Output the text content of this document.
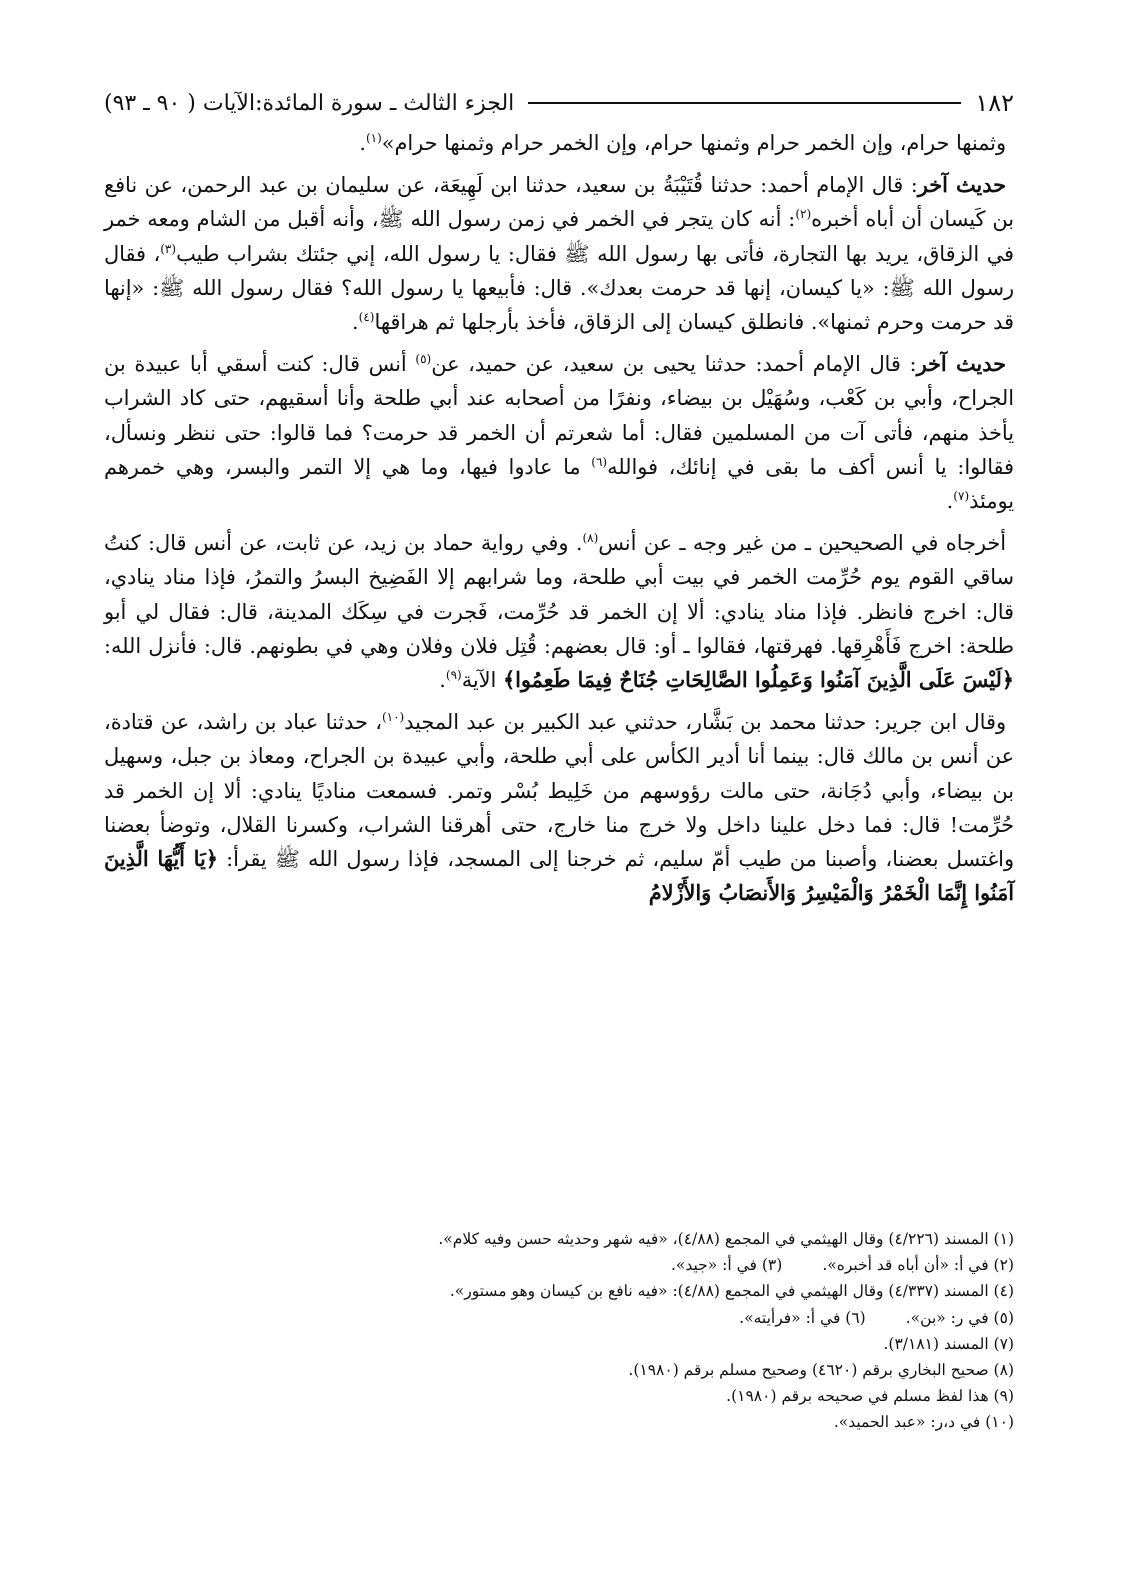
١٨٢
الجزء الثالث ـ سورة المائدة:الآيات ( ٩٠ ـ ٩٣)

وثمنها حرام، وإن الخمر حرام وثمنها حرام، وإن الخمر حرام وثمنها حرام»$^{(١)}$.

حديث آخر: قال الإمام أحمد: حدثنا قُتَيْبَةُ بن سعيد، حدثنا ابن لَهِيعَة، عن سليمان بن عبد الرحمن، عن نافع بن كَيسان أن أباه أخبره$^{(٢)}$: أنه كان يتجر في الخمر في زمن رسول الله ﷺ، وأنه أقبل من الشام ومعه خمر في الزقاق، يريد بها التجارة، فأتى بها رسول الله ﷺ فقال: يا رسول الله، إني جئتك بشراب طيب$^{(٣)}$، فقال رسول الله ﷺ: «يا كيسان، إنها قد حرمت بعدك». قال: فأبيعها يا رسول الله؟ فقال رسول الله ﷺ: «إنها قد حرمت وحرم ثمنها». فانطلق كيسان إلى الزقاق، فأخذ بأرجلها ثم هراقها$^{(٤)}$.

حديث آخر: قال الإمام أحمد: حدثنا يحيى بن سعيد، عن حميد، عن$^{(٥)}$ أنس قال: كنت أسقي أبا عبيدة بن الجراح، وأبي بن كَعْب، وسُهَيْل بن بيضاء، ونفرًا من أصحابه عند أبي طلحة وأنا أسقيهم، حتى كاد الشراب يأخذ منهم، فأتى آت من المسلمين فقال: أما شعرتم أن الخمر قد حرمت؟ فما قالوا: حتى ننظر ونسأل، فقالوا: يا أنس أكف ما بقى في إنائك، فوالله$^{(٦)}$ ما عادوا فيها، وما هي إلا التمر والبسر، وهي خمرهم يومئذ$^{(٧)}$.

أخرجاه في الصحيحين ـ من غير وجه ـ عن أنس$^{(٨)}$. وفي رواية حماد بن زيد، عن ثابت، عن أنس قال: كنتُ ساقي القوم يوم حُرِّمت الخمر في بيت أبي طلحة، وما شرابهم إلا الفَضِيخ البسرُ والتمرُ، فإذا مناد ينادي، قال: اخرج فانظر. فإذا مناد ينادي: ألا إن الخمر قد حُرِّمت، فَجرت في سِكَك المدينة، قال: فقال لي أبو طلحة: اخرج فَأَهْرِقها. فهرقتها، فقالوا ـ أو: قال بعضهم: قُتِل فلان وفلان وهي في بطونهم. قال: فأنزل الله: ﴿لَيْسَ عَلَى الَّذِينَ آمَنُوا وَعَمِلُوا الصَّالِحَاتِ جُنَاحٌ فِيمَا طَعِمُوا﴾ الآية$^{(٩)}$.

وقال ابن جرير: حدثنا محمد بن بَشَّار، حدثني عبد الكبير بن عبد المجيد$^{(١٠)}$، حدثنا عباد بن راشد، عن قتادة، عن أنس بن مالك قال: بينما أنا أدير الكأس على أبي طلحة، وأبي عبيدة بن الجراح، ومعاذ بن جبل، وسهيل بن بيضاء، وأبي دُجَانة، حتى مالت رؤوسهم من خَلِيط بُسْر وتمر. فسمعت مناديًا ينادي: ألا إن الخمر قد حُرِّمت! قال: فما دخل علينا داخل ولا خرج منا خارج، حتى أهرقنا الشراب، وكسرنا القلال، وتوضأ بعضنا واغتسل بعضنا، وأصبنا من طيب أمّ سليم، ثم خرجنا إلى المسجد، فإذا رسول الله ﷺ يقرأ: ﴿يَا أَيُّهَا الَّذِينَ آمَنُوا إِنَّمَا الْخَمْرُ وَالْمَيْسِرُ وَالأَنصَابُ وَالأَزْلامُ

(١) المسند (٤/٢٢٦) وقال الهيثمي في المجمع (٤/٨٨)، «فيه شهر وحديثه حسن وفيه كلام».
(٢) في أ: «أن أباه قد أخبره».
(٣) في أ: «جيد».
(٤) المسند (٤/٣٣٧) وقال الهيثمي في المجمع (٤/٨٨): «فيه نافع بن كيسان وهو مستور».
(٥) في ر: «بن».
(٦) في أ: «فرأيته».
(٧) المسند (٣/١٨١).
(٨) صحيح البخاري برقم (٤٦٢٠) وصحيح مسلم برقم (١٩٨٠).
(٩) هذا لفظ مسلم في صحيحه برقم (١٩٨٠).
(١٠) في د،ر: «عبد الحميد».
